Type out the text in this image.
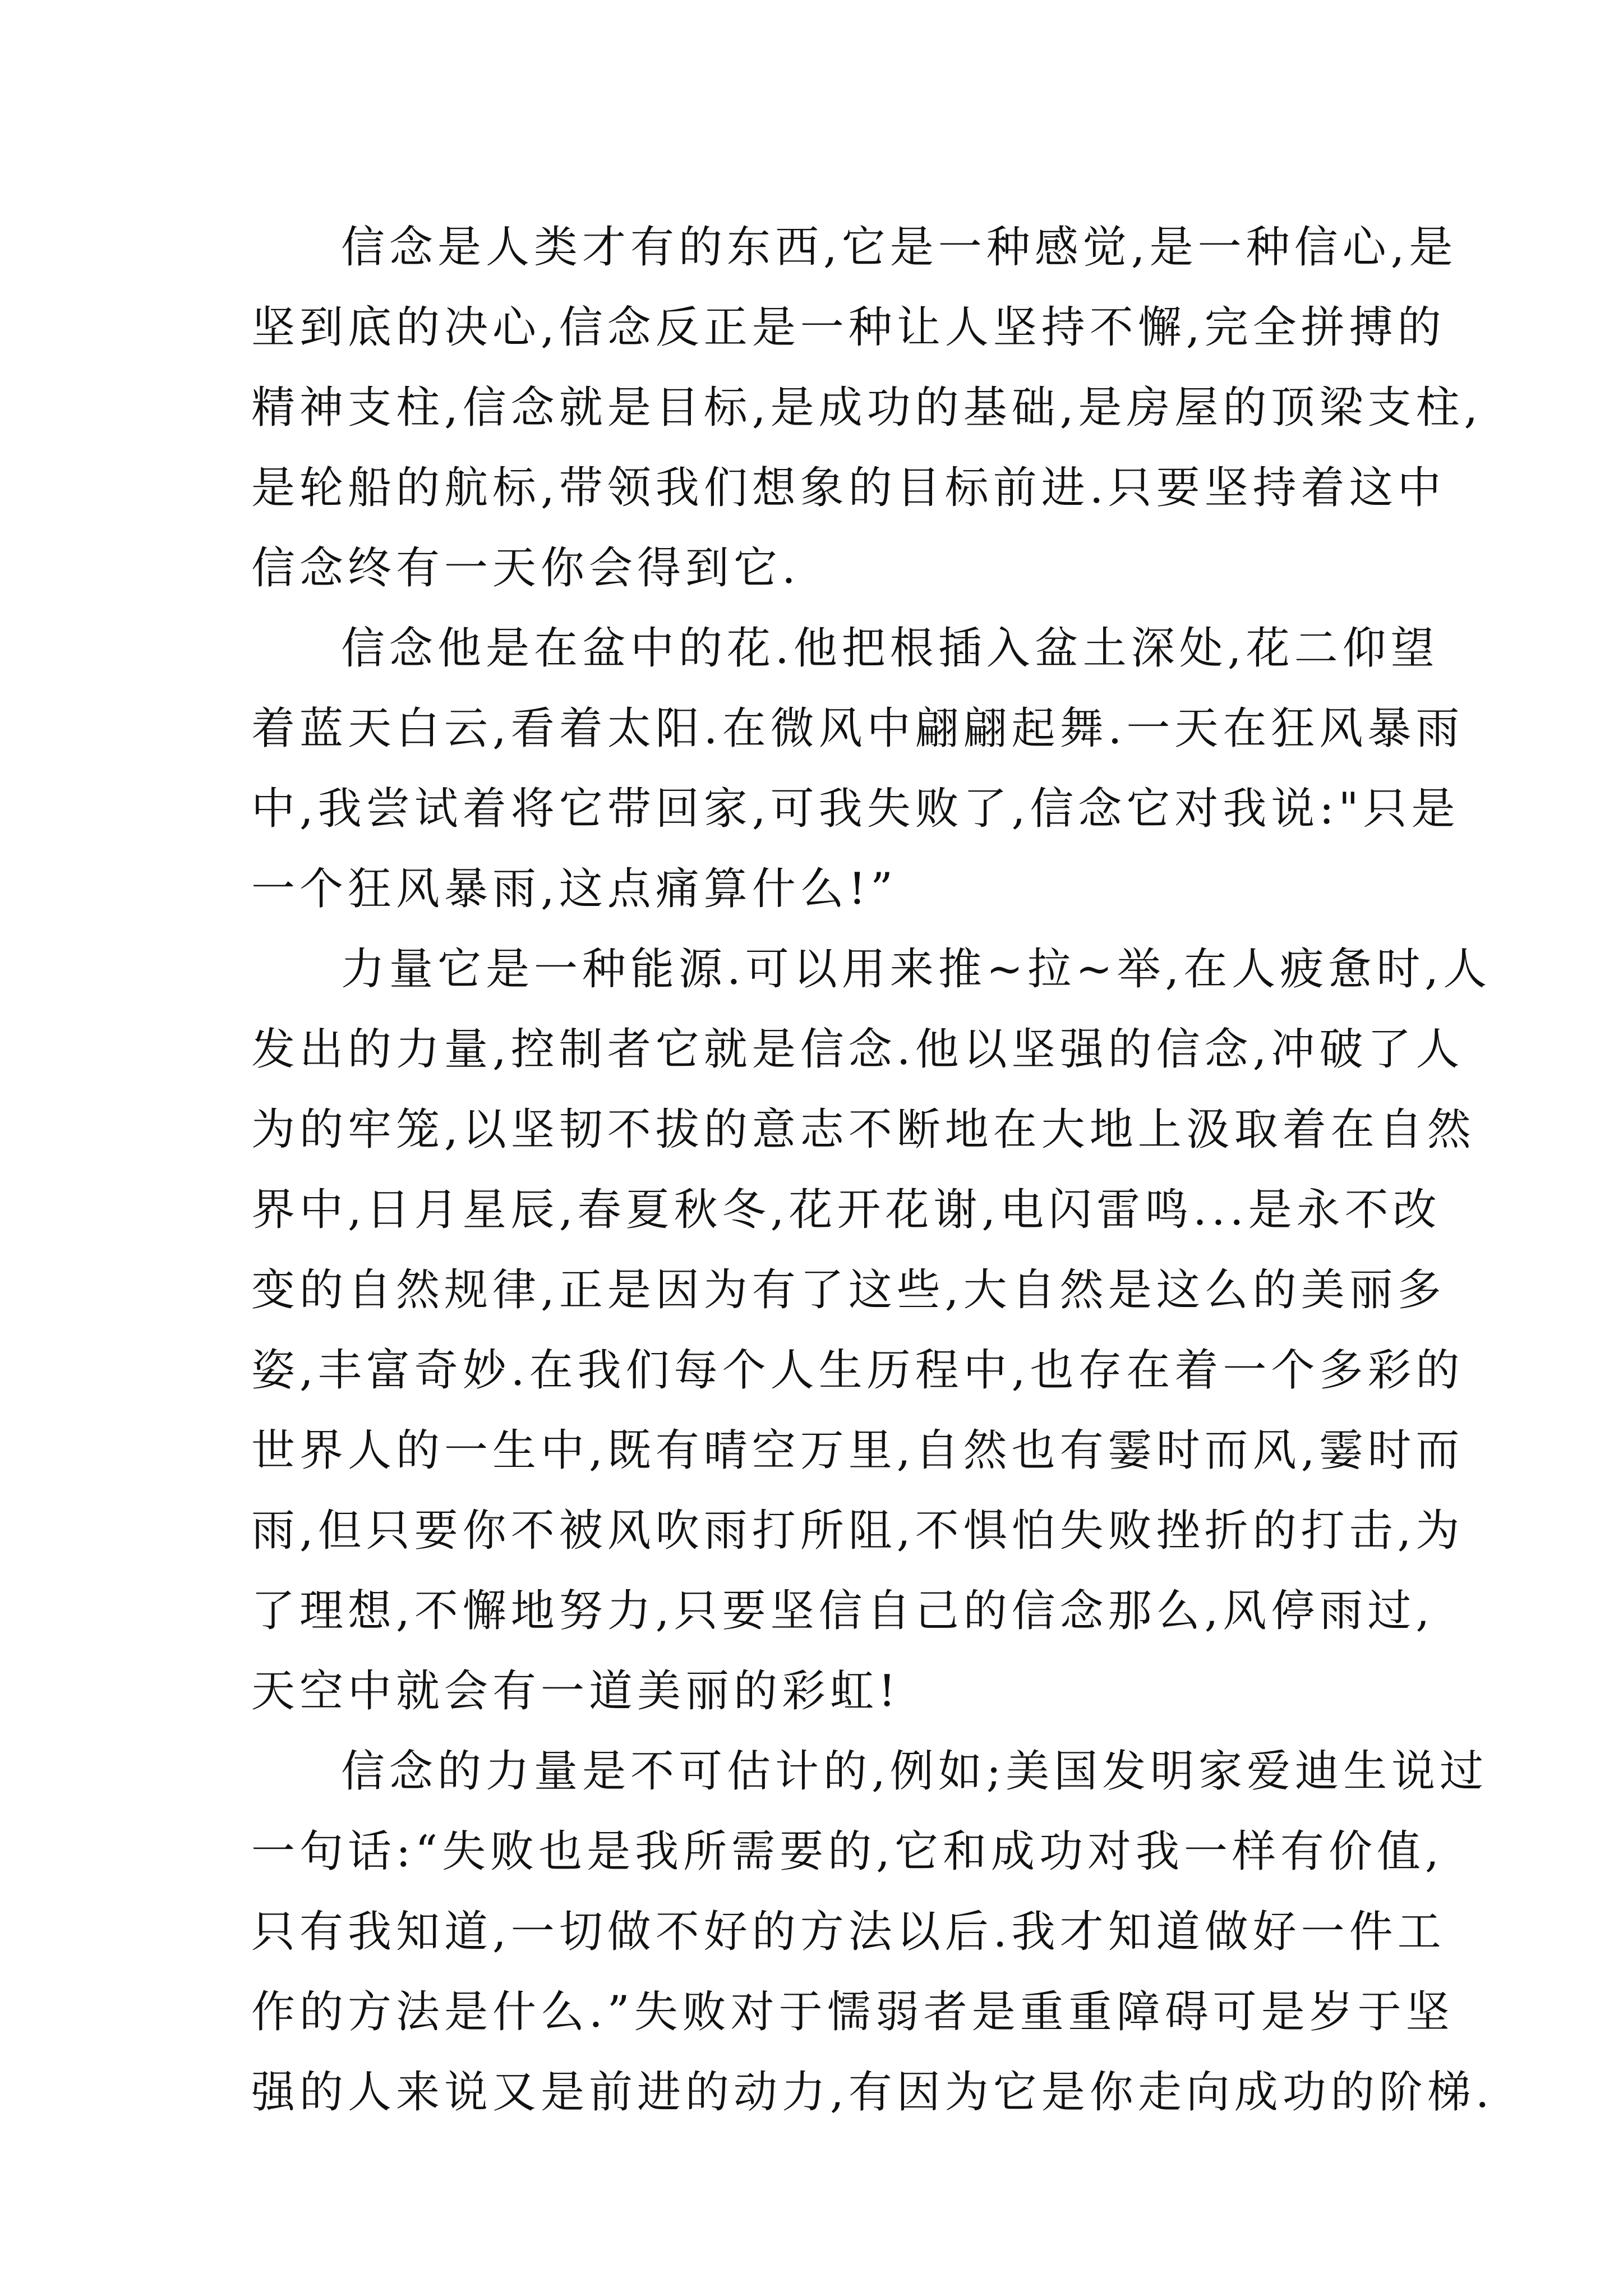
信念是人类才有的东西,它是一种感觉,是一种信心,是
坚到底的决心,信念反正是一种让人坚持不懈,完全拼搏的
精神支柱,信念就是目标,是成功的基础,是房屋的顶梁支柱,
是轮船的航标,带领我们想象的目标前进.只要坚持着这中
信念终有一天你会得到它.
信念他是在盆中的花.他把根插入盆土深处,花二仰望
着蓝天白云,看着太阳.在微风中翩翩起舞.一天在狂风暴雨
中,我尝试着将它带回家,可我失败了,信念它对我说:"只是
一个狂风暴雨,这点痛算什么!”
力量它是一种能源.可以用来推~拉~举,在人疲惫时,人
发出的力量,控制者它就是信念.他以坚强的信念,冲破了人
为的牢笼,以坚韧不拔的意志不断地在大地上汲取着在自然
界中,日月星辰,春夏秋冬,花开花谢,电闪雷鸣...是永不改
变的自然规律,正是因为有了这些,大自然是这么的美丽多
姿,丰富奇妙.在我们每个人生历程中,也存在着一个多彩的
世界人的一生中,既有晴空万里,自然也有霎时而风,霎时而
雨,但只要你不被风吹雨打所阻,不惧怕失败挫折的打击,为
了理想,不懈地努力,只要坚信自己的信念那么,风停雨过,
天空中就会有一道美丽的彩虹!
信念的力量是不可估计的,例如;美国发明家爱迪生说过
一句话:“失败也是我所需要的,它和成功对我一样有价值,
只有我知道,一切做不好的方法以后.我才知道做好一件工
作的方法是什么.”失败对于懦弱者是重重障碍可是岁于坚
强的人来说又是前进的动力,有因为它是你走向成功的阶梯.
